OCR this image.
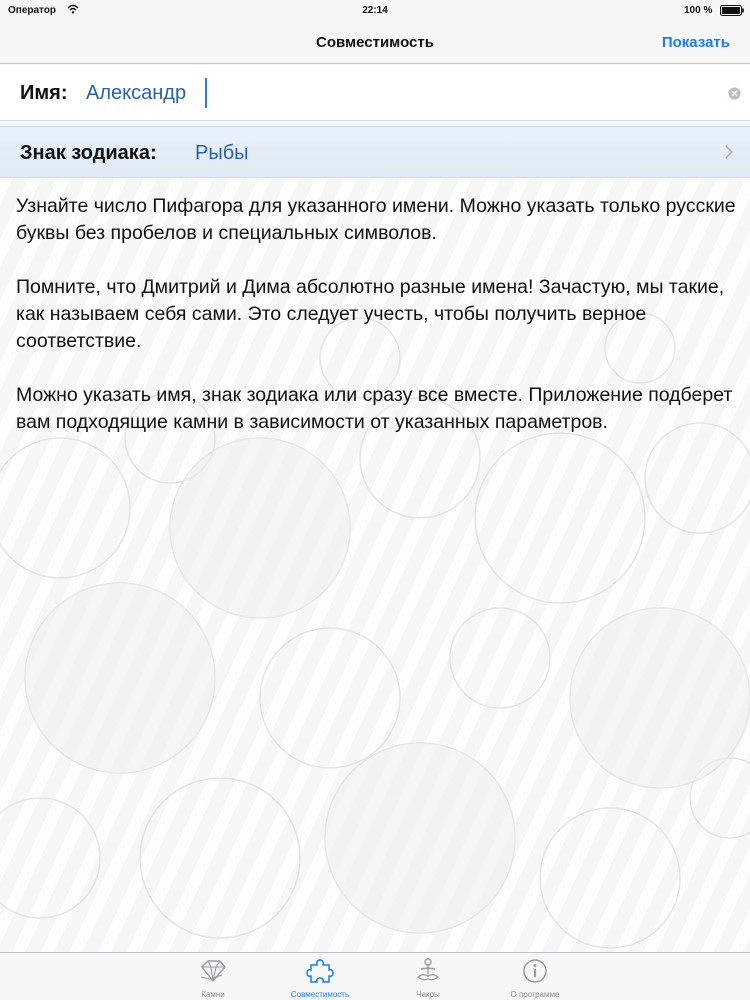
Оператор	22:14	100 %
Совместимость	Показать
Имя:
Александр
Знак зодиака: Рыбы

Узнайте число Пифагора для указанного имени. Можно указать только русские буквы без пробелов и специальных символов.

Помните, что Дмитрий и Дима абсолютно разные имена! Зачастую, мы такие, как называем себя сами. Это следует учесть, чтобы получить верное соответствие.

Можно указать имя, знак зодиака или сразу все вместе. Приложение подберет вам подходящие камни в зависимости от указанных параметров.

Камни	Совместимость	Чакры	О программе
